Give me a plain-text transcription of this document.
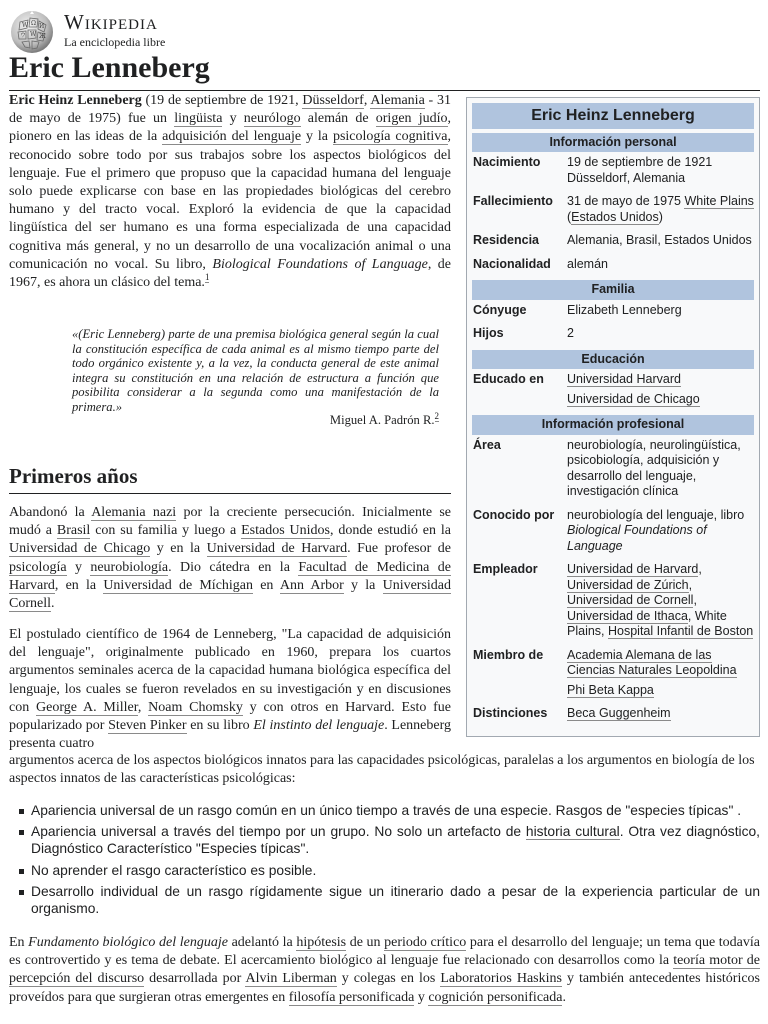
W Ω И
ウ W Ж
Wikipedia
La enciclopedia libre
Eric Lenneberg

Eric Heinz Lenneberg (19 de septiembre de 1921, Düsseldorf, Alemania - 31 de mayo de 1975) fue un lingüista y neurólogo alemán de origen judío, pionero en las ideas de la adquisición del lenguaje y la psicología cognitiva, reconocido sobre todo por sus trabajos sobre los aspectos biológicos del lenguaje. Fue el primero que propuso que la capacidad humana del lenguaje solo puede explicarse con base en las propiedades biológicas del cerebro humano y del tracto vocal. Exploró la evidencia de que la capacidad lingüística del ser humano es una forma especializada de una capacidad cognitiva más general, y no un desarrollo de una vocalización animal o una comunicación no vocal. Su libro, Biological Foundations of Language, de 1967, es ahora un clásico del tema.$^1$

«(Eric Lenneberg) parte de una premisa biológica general según la cual la constitución específica de cada animal es al mismo tiempo parte del todo orgánico existente y, a la vez, la conducta general de este animal integra su constitución en una relación de estructura a función que posibilita considerar a la segunda como una manifestación de la primera.»

Miguel A. Padrón R.$^2$

Primeros años

Abandonó la Alemania nazi por la creciente persecución. Inicialmente se mudó a Brasil con su familia y luego a Estados Unidos, donde estudió en la Universidad de Chicago y en la Universidad de Harvard. Fue profesor de psicología y neurobiología. Dio cátedra en la Facultad de Medicina de Harvard, en la Universidad de Míchigan en Ann Arbor y la Universidad Cornell.

El postulado científico de 1964 de Lenneberg, "La capacidad de adquisición del lenguaje", originalmente publicado en 1960, prepara los cuartos argumentos seminales acerca de la capacidad humana biológica específica del lenguaje, los cuales se fueron revelados en su investigación y en discusiones con George A. Miller, Noam Chomsky y con otros en Harvard. Esto fue popularizado por Steven Pinker en su libro El instinto del lenguaje. Lenneberg presenta cuatro

argumentos acerca de los aspectos biológicos innatos para las capacidades psicológicas, paralelas a los argumentos en biología de los aspectos innatos de las características psicológicas:

Apariencia universal de un rasgo común en un único tiempo a través de una especie. Rasgos de "especies típicas" .
Apariencia universal a través del tiempo por un grupo. No solo un artefacto de historia cultural. Otra vez diagnóstico, Diagnóstico Característico "Especies típicas".
No aprender el rasgo característico es posible.
Desarrollo individual de un rasgo rígidamente sigue un itinerario dado a pesar de la experiencia particular de un organismo.

En Fundamento biológico del lenguaje adelantó la hipótesis de un periodo crítico para el desarrollo del lenguaje; un tema que todavía es controvertido y es tema de debate. El acercamiento biológico al lenguaje fue relacionado con desarrollos como la teoría motor de percepción del discurso desarrollada por Alvin Liberman y colegas en los Laboratorios Haskins y también antecedentes históricos proveídos para que surgieran otras emergentes en filosofía personificada y cognición personificada.

Eric Heinz Lenneberg
Información personal
Nacimiento	19 de septiembre de 1921 Düsseldorf, Alemania
Fallecimiento	31 de mayo de 1975 White Plains (Estados Unidos)
Residencia	Alemania, Brasil, Estados Unidos
Nacionalidad	alemán
Familia
Cónyuge	Elizabeth Lenneberg
Hijos	2
Educación
Educado en	Universidad Harvard
Universidad de Chicago
Información profesional
Área	neurobiología, neurolingüística, psicobiología, adquisición y desarrollo del lenguaje, investigación clínica
Conocido por	neurobiología del lenguaje, libro Biological Foundations of Language
Empleador	Universidad de Harvard, Universidad de Zúrich, Universidad de Cornell, Universidad de Ithaca, White Plains, Hospital Infantil de Boston
Miembro de	Academia Alemana de las Ciencias Naturales Leopoldina
Phi Beta Kappa
Distinciones	Beca Guggenheim
